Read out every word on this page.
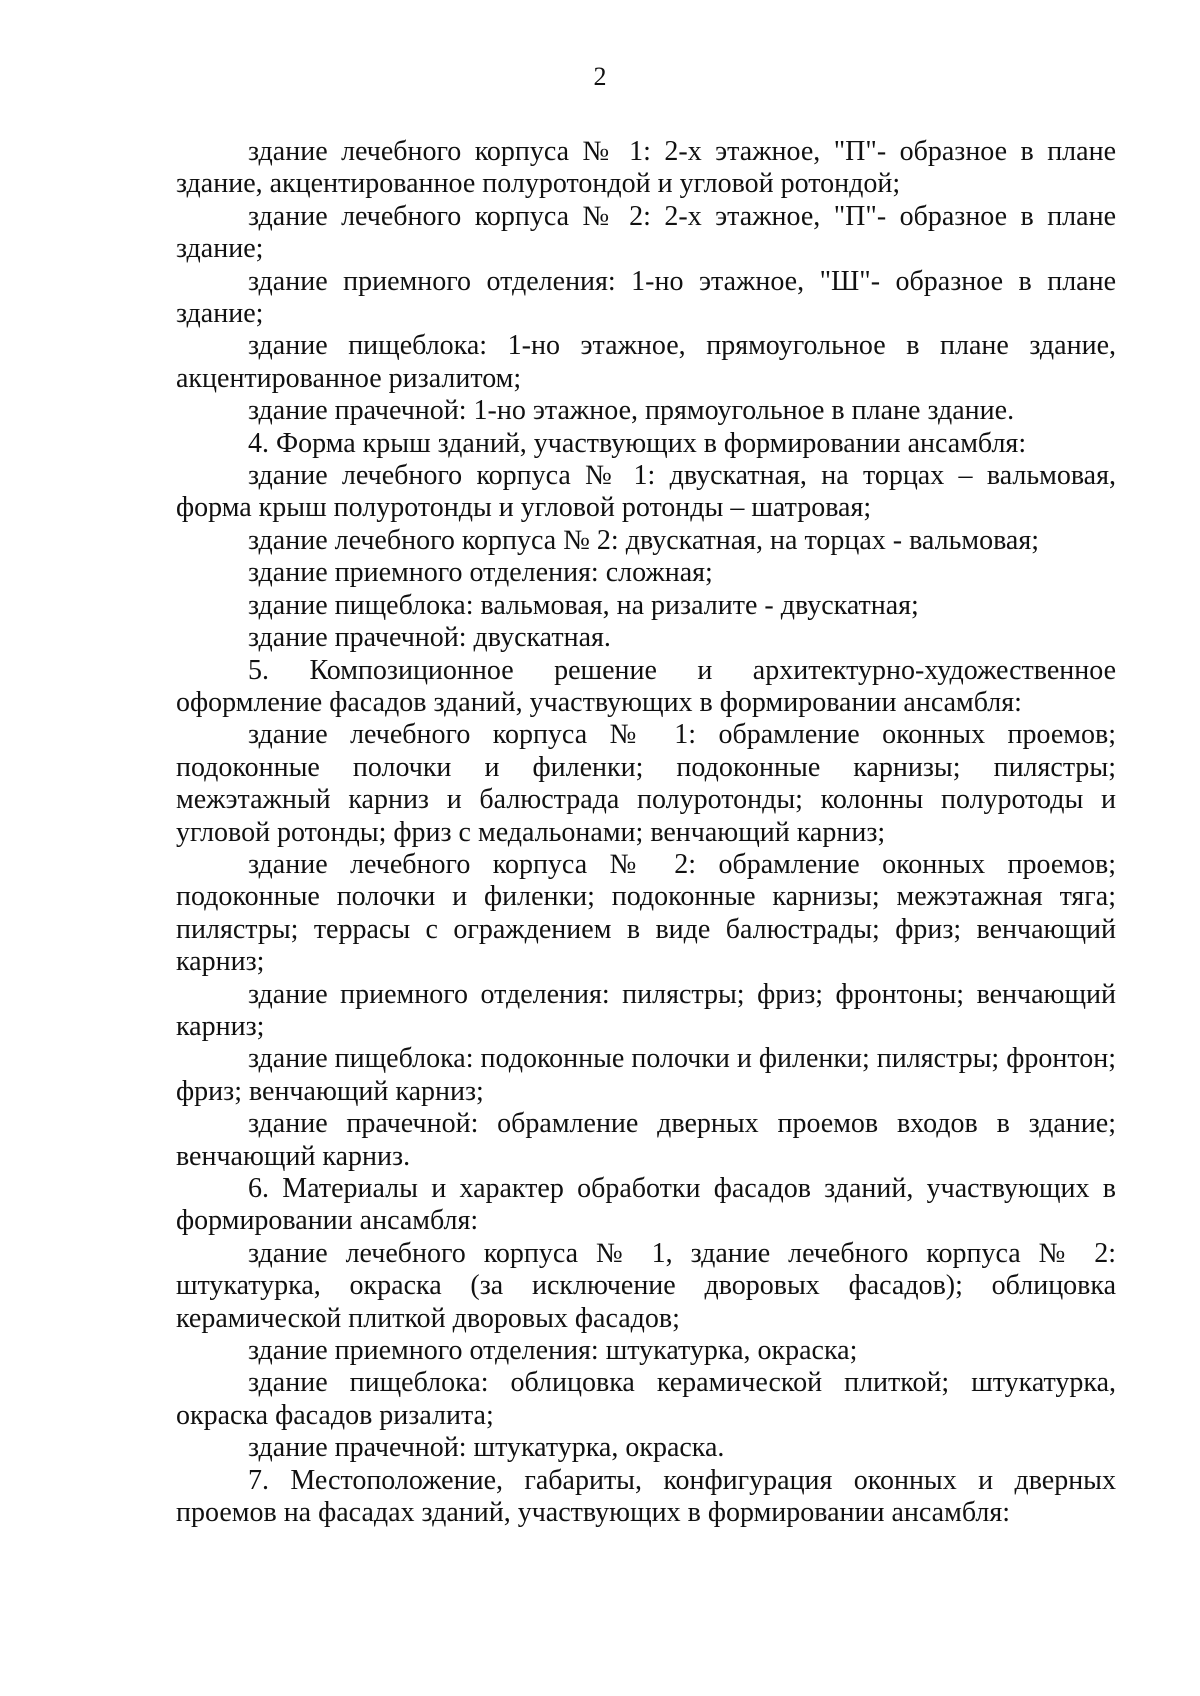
2

здание лечебного корпуса № 1: 2-х этажное, "П"- образное в плане здание, акцентированное полуротондой и угловой ротондой;

здание лечебного корпуса № 2: 2-х этажное, "П"- образное в плане здание;

здание приемного отделения: 1-но этажное, "Ш"- образное в плане здание;

здание пищеблока: 1-но этажное, прямоугольное в плане здание, акцентированное ризалитом;

здание прачечной: 1-но этажное, прямоугольное в плане здание.

4. Форма крыш зданий, участвующих в формировании ансамбля:

здание лечебного корпуса № 1: двускатная, на торцах – вальмовая, форма крыш полуротонды и угловой ротонды – шатровая;

здание лечебного корпуса № 2: двускатная, на торцах - вальмовая;

здание приемного отделения: сложная;

здание пищеблока: вальмовая, на ризалите - двускатная;

здание прачечной: двускатная.

5. Композиционное решение и архитектурно-художественное оформление фасадов зданий, участвующих в формировании ансамбля:

здание лечебного корпуса № 1: обрамление оконных проемов; подоконные полочки и филенки; подоконные карнизы; пилястры; межэтажный карниз и балюстрада полуротонды; колонны полуротоды и угловой ротонды; фриз с медальонами; венчающий карниз;

здание лечебного корпуса № 2: обрамление оконных проемов; подоконные полочки и филенки; подоконные карнизы; межэтажная тяга; пилястры; террасы с ограждением в виде балюстрады; фриз; венчающий карниз;

здание приемного отделения: пилястры; фриз; фронтоны; венчающий карниз;

здание пищеблока: подоконные полочки и филенки; пилястры; фронтон; фриз; венчающий карниз;

здание прачечной: обрамление дверных проемов входов в здание; венчающий карниз.

6. Материалы и характер обработки фасадов зданий, участвующих в формировании ансамбля:

здание лечебного корпуса № 1, здание лечебного корпуса № 2: штукатурка, окраска (за исключение дворовых фасадов); облицовка керамической плиткой дворовых фасадов;

здание приемного отделения: штукатурка, окраска;

здание пищеблока: облицовка керамической плиткой; штукатурка, окраска фасадов ризалита;

здание прачечной: штукатурка, окраска.

7. Местоположение, габариты, конфигурация оконных и дверных проемов на фасадах зданий, участвующих в формировании ансамбля:
